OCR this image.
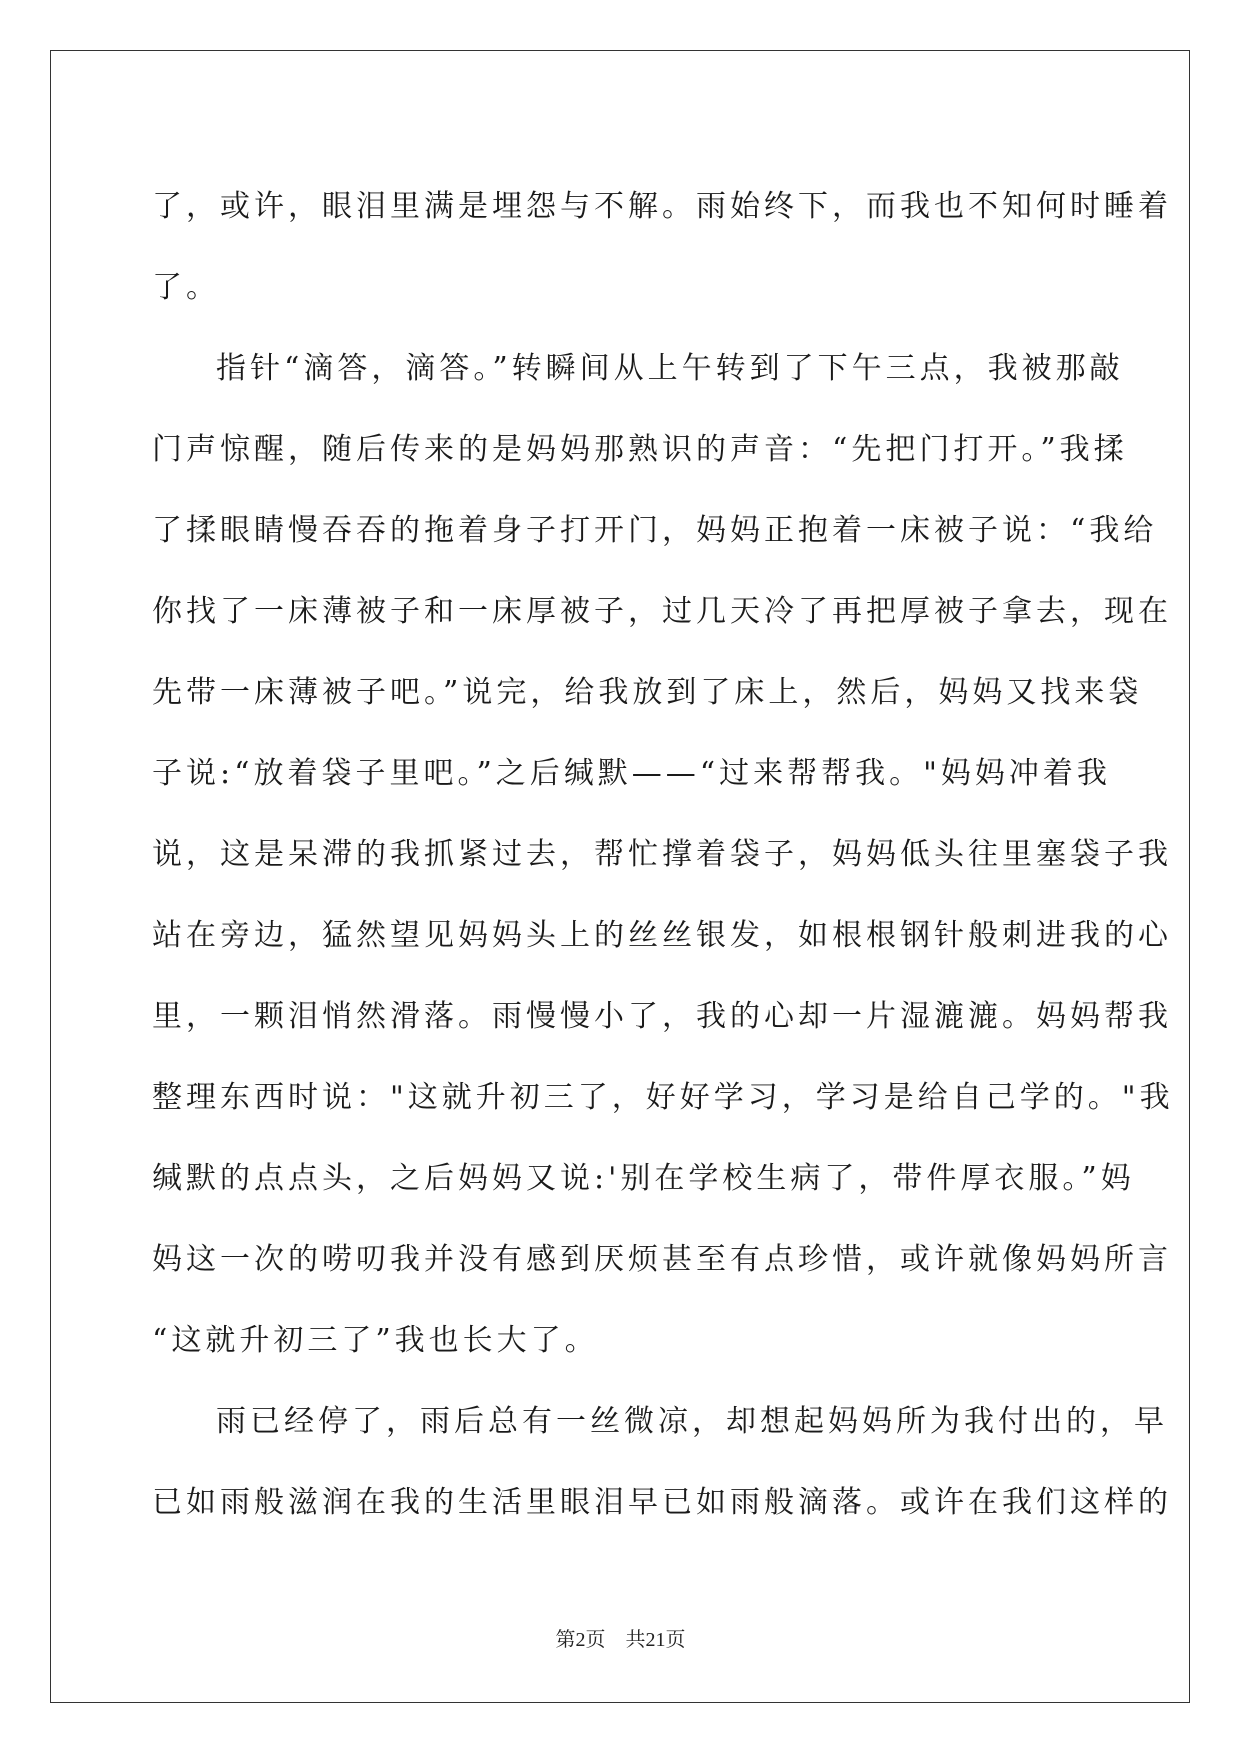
了，或许，眼泪里满是埋怨与不解。雨始终下，而我也不知何时睡着
了。
指针“滴答，滴答。”转瞬间从上午转到了下午三点，我被那敲
门声惊醒，随后传来的是妈妈那熟识的声音：“先把门打开。”我揉
了揉眼睛慢吞吞的拖着身子打开门，妈妈正抱着一床被子说：“我给
你找了一床薄被子和一床厚被子，过几天冷了再把厚被子拿去，现在
先带一床薄被子吧。”说完，给我放到了床上，然后，妈妈又找来袋
子说:“放着袋子里吧。”之后缄默——“过来帮帮我。"妈妈冲着我
说，这是呆滞的我抓紧过去，帮忙撑着袋子，妈妈低头往里塞袋子我
站在旁边，猛然望见妈妈头上的丝丝银发，如根根钢针般刺进我的心
里，一颗泪悄然滑落。雨慢慢小了，我的心却一片湿漉漉。妈妈帮我
整理东西时说："这就升初三了，好好学习，学习是给自己学的。"我
缄默的点点头，之后妈妈又说:'别在学校生病了，带件厚衣服。”妈
妈这一次的唠叨我并没有感到厌烦甚至有点珍惜，或许就像妈妈所言
“这就升初三了”我也长大了。
雨已经停了，雨后总有一丝微凉，却想起妈妈所为我付出的，早
已如雨般滋润在我的生活里眼泪早已如雨般滴落。或许在我们这样的
第2页 共21页
